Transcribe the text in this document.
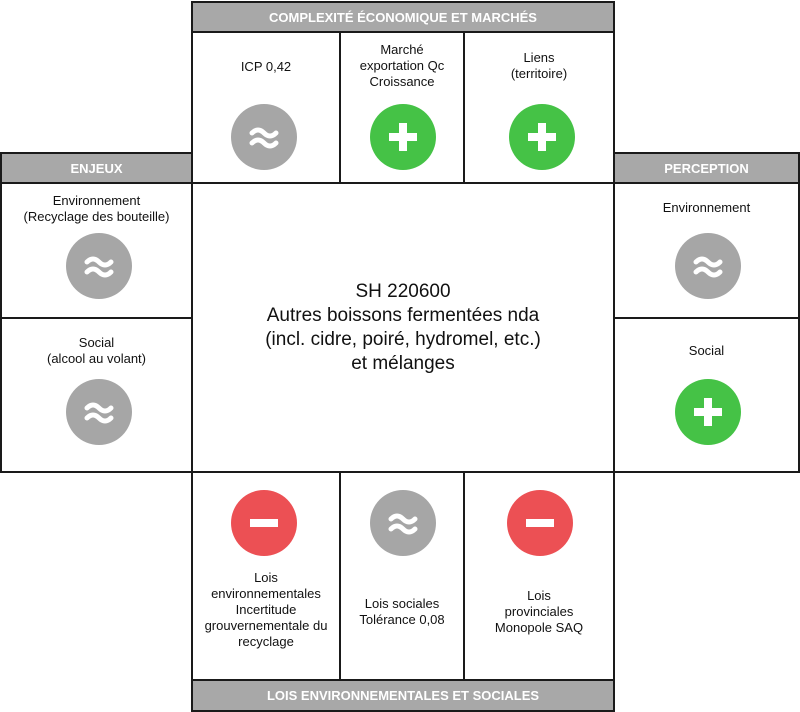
COMPLEXITÉ ÉCONOMIQUE ET MARCHÉS
ICP 0,42
Marché
exportation Qc
Croissance
Liens
(territoire)
ENJEUX
Environnement
(Recyclage des bouteille)
Social
(alcool au volant)
SH 220600
Autres boissons fermentées nda
(incl. cidre, poiré, hydromel, etc.)
et mélanges
PERCEPTION
Environnement
Social
Lois
environnementales
Incertitude
grouvernementale du
recyclage
Lois sociales
Tolérance 0,08
Lois
provinciales
Monopole SAQ
LOIS ENVIRONNEMENTALES ET SOCIALES
